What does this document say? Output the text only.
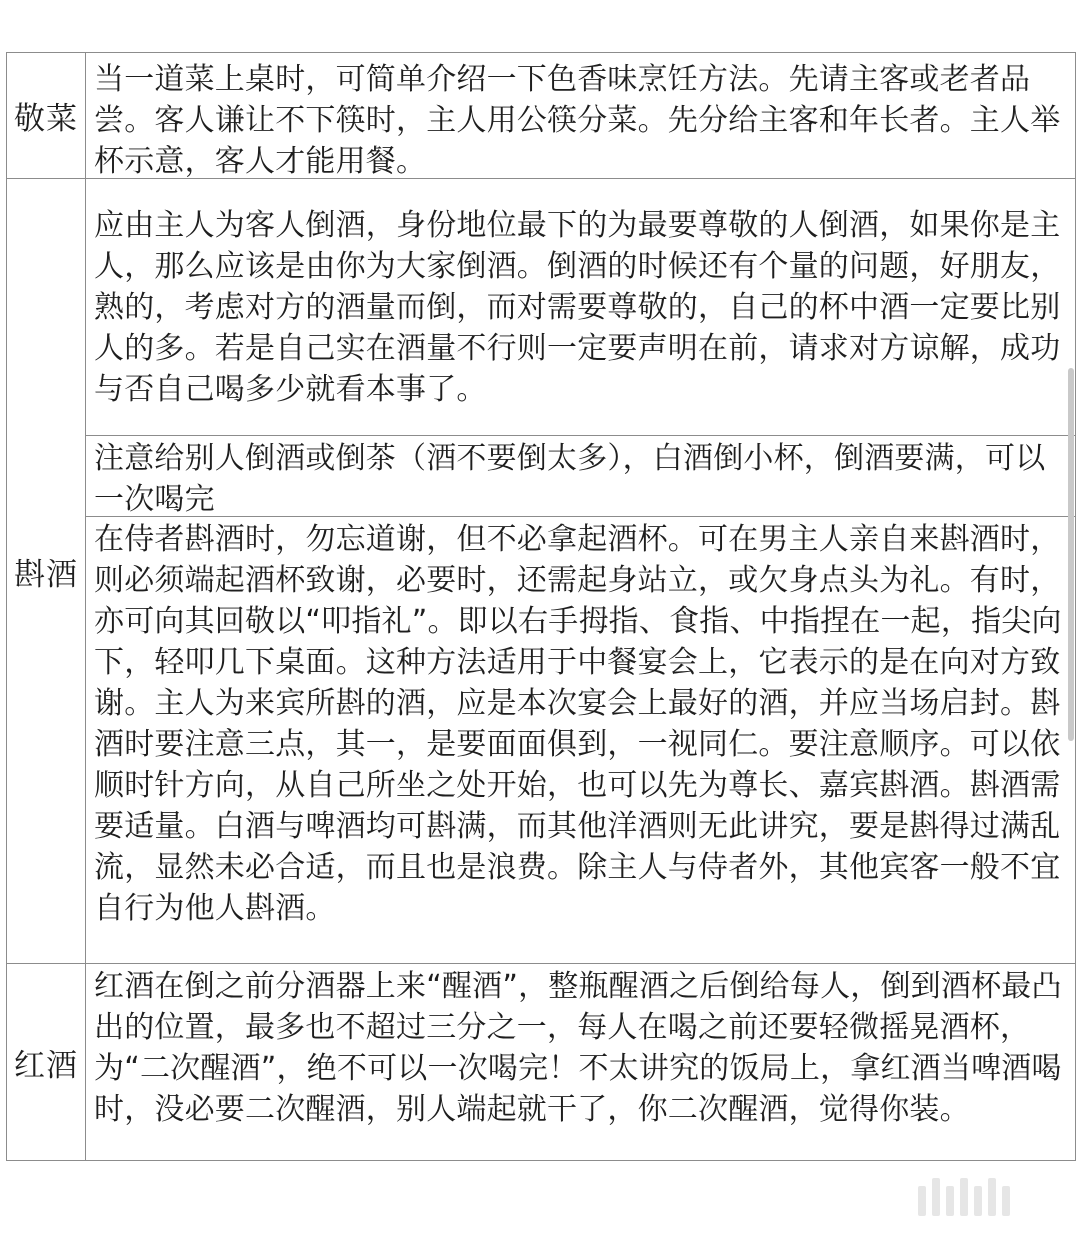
敬菜
当一道菜上桌时，可简单介绍一下色香味烹饪方法。先请主客或老者品尝。客人谦让不下筷时，主人用公筷分菜。先分给主客和年长者。主人举杯示意，客人才能用餐。
斟酒
应由主人为客人倒酒，身份地位最下的为最要尊敬的人倒酒，如果你是主人，那么应该是由你为大家倒酒。倒酒的时候还有个量的问题，好朋友，熟的，考虑对方的酒量而倒，而对需要尊敬的，自己的杯中酒一定要比别人的多。若是自己实在酒量不行则一定要声明在前，请求对方谅解，成功与否自己喝多少就看本事了。
注意给别人倒酒或倒茶（酒不要倒太多），白酒倒小杯，倒酒要满，可以一次喝完
在侍者斟酒时，勿忘道谢，但不必拿起酒杯。可在男主人亲自来斟酒时，则必须端起酒杯致谢，必要时，还需起身站立，或欠身点头为礼。有时，亦可向其回敬以“叩指礼”。即以右手拇指、食指、中指捏在一起，指尖向下，轻叩几下桌面。这种方法适用于中餐宴会上，它表示的是在向对方致谢。主人为来宾所斟的酒，应是本次宴会上最好的酒，并应当场启封。斟酒时要注意三点，其一，是要面面俱到，一视同仁。要注意顺序。可以依顺时针方向，从自己所坐之处开始，也可以先为尊长、嘉宾斟酒。斟酒需要适量。白酒与啤酒均可斟满，而其他洋酒则无此讲究，要是斟得过满乱流，显然未必合适，而且也是浪费。除主人与侍者外，其他宾客一般不宜自行为他人斟酒。
红酒
红酒在倒之前分酒器上来“醒酒”，整瓶醒酒之后倒给每人，倒到酒杯最凸出的位置，最多也不超过三分之一，每人在喝之前还要轻微摇晃酒杯，为“二次醒酒”，绝不可以一次喝完！不太讲究的饭局上，拿红酒当啤酒喝时，没必要二次醒酒，别人端起就干了，你二次醒酒，觉得你装。
